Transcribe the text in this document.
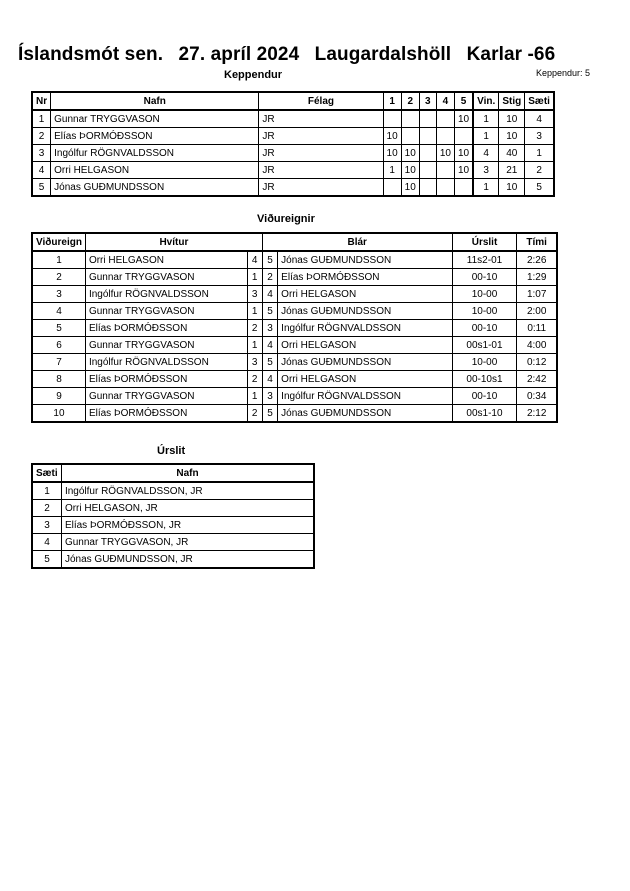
Íslandsmót sen. 27. apríl 2024 Laugardalshöll Karlar -66
Keppendur: 5
Keppendur
Nr	Nafn	Félag	1	2	3	4	5	Vin.	Stig	Sæti
1	Gunnar TRYGGVASON	JR					10	1	10	4
2	Elías ÞORMÓÐSSON	JR	10					1	10	3
3	Ingólfur RÖGNVALDSSON	JR	10	10		10	10	4	40	1
4	Orri HELGASON	JR	1	10			10	3	21	2
5	Jónas GUÐMUNDSSON	JR		10				1	10	5
Viðureignir
Viðureign	Hvítur		Blár		Úrslit	Tími
1	Orri HELGASON	4	5	Jónas GUÐMUNDSSON	11s2-01	2:26
2	Gunnar TRYGGVASON	1	2	Elías ÞORMÓÐSSON	00-10	1:29
3	Ingólfur RÖGNVALDSSON	3	4	Orri HELGASON	10-00	1:07
4	Gunnar TRYGGVASON	1	5	Jónas GUÐMUNDSSON	10-00	2:00
5	Elías ÞORMÓÐSSON	2	3	Ingólfur RÖGNVALDSSON	00-10	0:11
6	Gunnar TRYGGVASON	1	4	Orri HELGASON	00s1-01	4:00
7	Ingólfur RÖGNVALDSSON	3	5	Jónas GUÐMUNDSSON	10-00	0:12
8	Elías ÞORMÓÐSSON	2	4	Orri HELGASON	00-10s1	2:42
9	Gunnar TRYGGVASON	1	3	Ingólfur RÖGNVALDSSON	00-10	0:34
10	Elías ÞORMÓÐSSON	2	5	Jónas GUÐMUNDSSON	00s1-10	2:12
Úrslit
Sæti	Nafn
1	Ingólfur RÖGNVALDSSON, JR
2	Orri HELGASON, JR
3	Elías ÞORMÓÐSSON, JR
4	Gunnar TRYGGVASON, JR
5	Jónas GUÐMUNDSSON, JR
